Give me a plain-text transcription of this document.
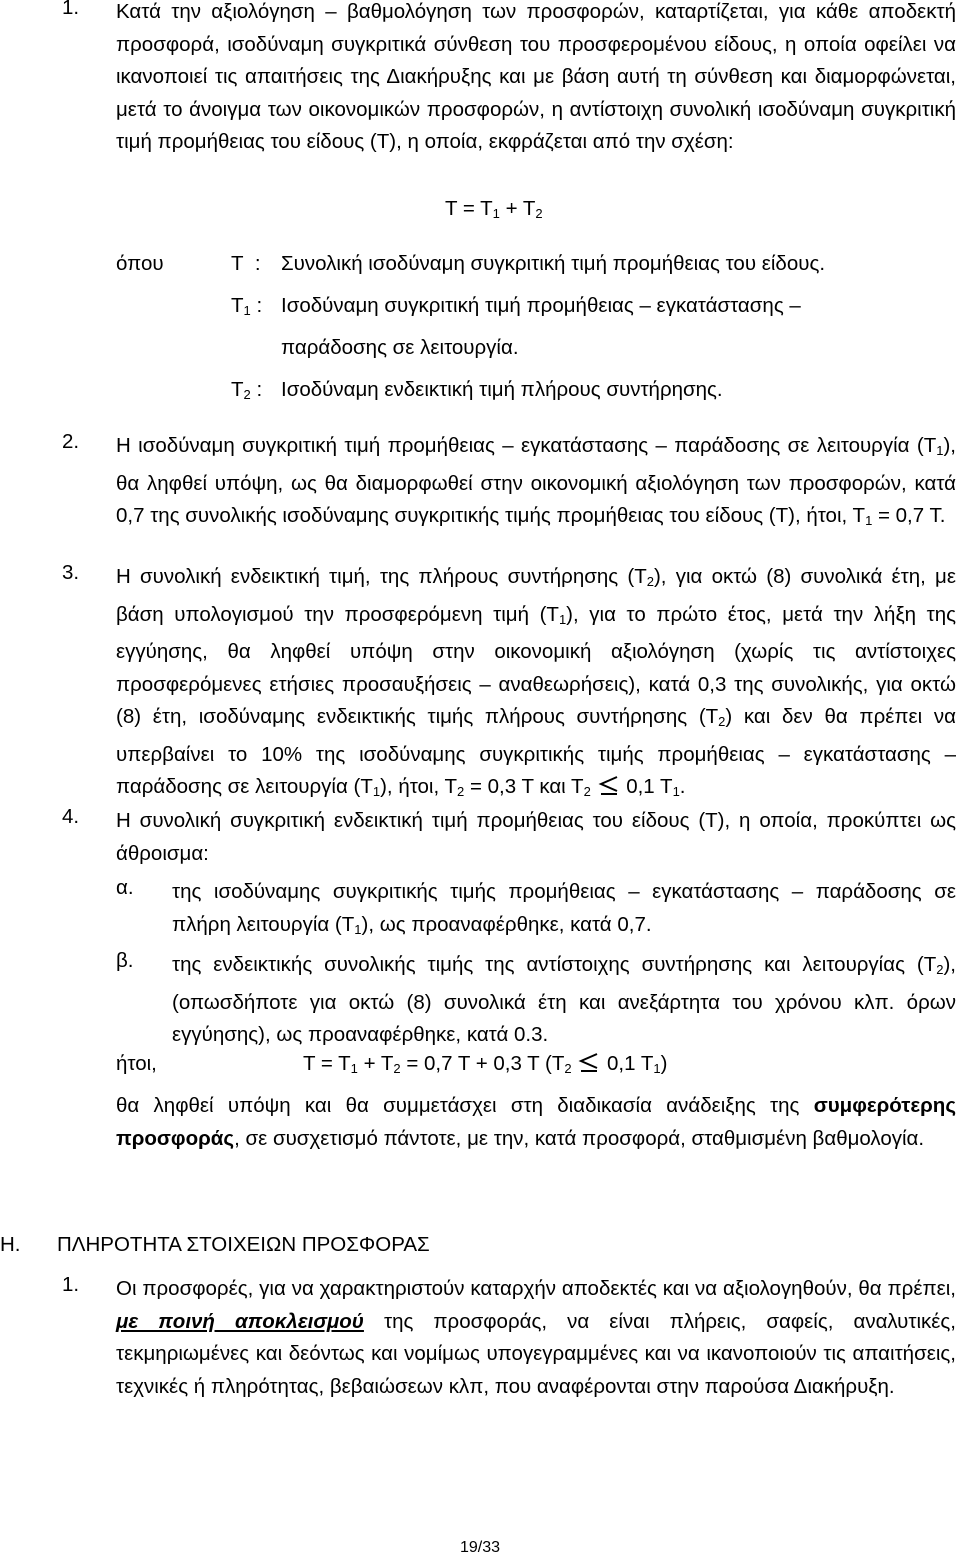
1. Κατά την αξιολόγηση – βαθμολόγηση των προσφορών, καταρτίζεται, για κάθε αποδεκτή προσφορά, ισοδύναμη συγκριτικά σύνθεση του προσφερομένου είδους, η οποία οφείλει να ικανοποιεί τις απαιτήσεις της Διακήρυξης και με βάση αυτή τη σύνθεση και διαμορφώνεται, μετά το άνοιγμα των οικονομικών προσφορών, η αντίστοιχη συνολική ισοδύναμη συγκριτική τιμή προμήθειας του είδους (Τ), η οποία, εκφράζεται από την σχέση:
$T = T_1 + T_2$
όπου	Τ : Συνολική ισοδύναμη συγκριτική τιμή προμήθειας του είδους.
$T_1$ : Ισοδύναμη συγκριτική τιμή προμήθειας – εγκατάστασης –
παράδοσης σε λειτουργία.
$T_2$ : Ισοδύναμη ενδεικτική τιμή πλήρους συντήρησης.
2. Η ισοδύναμη συγκριτική τιμή προμήθειας – εγκατάστασης – παράδοσης σε λειτουργία $(T_1)$, θα ληφθεί υπόψη, ως θα διαμορφωθεί στην οικονομική αξιολόγηση των προσφορών, κατά 0,7 της συνολικής ισοδύναμης συγκριτικής τιμής προμήθειας του είδους (Τ), ήτοι, $T_1 = 0,7$ Τ.
3. Η συνολική ενδεικτική τιμή, της πλήρους συντήρησης $(T_2)$, για οκτώ (8) συνολικά έτη, με βάση υπολογισμού την προσφερόμενη τιμή $(T_1)$, για το πρώτο έτος, μετά την λήξη της εγγύησης, θα ληφθεί υπόψη στην οικονομική αξιολόγηση (χωρίς τις αντίστοιχες προσφερόμενες ετήσιες προσαυξήσεις – αναθεωρήσεις), κατά 0,3 της συνολικής, για οκτώ (8) έτη, ισοδύναμης ενδεικτικής τιμής πλήρους συντήρησης $(T_2)$ και δεν θα πρέπει να υπερβαίνει το 10% της ισοδύναμης συγκριτικής τιμής προμήθειας – εγκατάστασης – παράδοσης σε λειτουργία $(T_1)$, ήτοι, $T_2 = 0,3$ Τ και $T_2$  0,1 $T_1$.
4. Η συνολική συγκριτική ενδεικτική τιμή προμήθειας του είδους (Τ), η οποία, προκύπτει ως άθροισμα:
α. της ισοδύναμης συγκριτικής τιμής προμήθειας – εγκατάστασης – παράδοσης σε πλήρη λειτουργία $(T_1)$, ως προαναφέρθηκε, κατά 0,7.
β. της ενδεικτικής συνολικής τιμής της αντίστοιχης συντήρησης και λειτουργίας $(T_2)$, (οπωσδήποτε για οκτώ (8) συνολικά έτη και ανεξάρτητα του χρόνου κλπ. όρων εγγύησης), ως προαναφέρθηκε, κατά 0.3.
ήτοι,	$T = T_1 + T_2 = 0,7$ Τ + 0,3 Τ ($T_2$  0,1 $T_1$)
θα ληφθεί υπόψη και θα συμμετάσχει στη διαδικασία ανάδειξης της συμφερότερης προσφοράς, σε συσχετισμό πάντοτε, με την, κατά προσφορά, σταθμισμένη βαθμολογία.
Η. ΠΛΗΡΟΤΗΤΑ ΣΤΟΙΧΕΙΩΝ ΠΡΟΣΦΟΡΑΣ
1. Οι προσφορές, για να χαρακτηριστούν καταρχήν αποδεκτές και να αξιολογηθούν, θα πρέπει, με ποινή αποκλεισμού της προσφοράς, να είναι πλήρεις, σαφείς, αναλυτικές, τεκμηριωμένες και δεόντως και νομίμως υπογεγραμμένες και να ικανοποιούν τις απαιτήσεις, τεχνικές ή πληρότητας, βεβαιώσεων κλπ, που αναφέρονται στην παρούσα Διακήρυξη.
19/33
